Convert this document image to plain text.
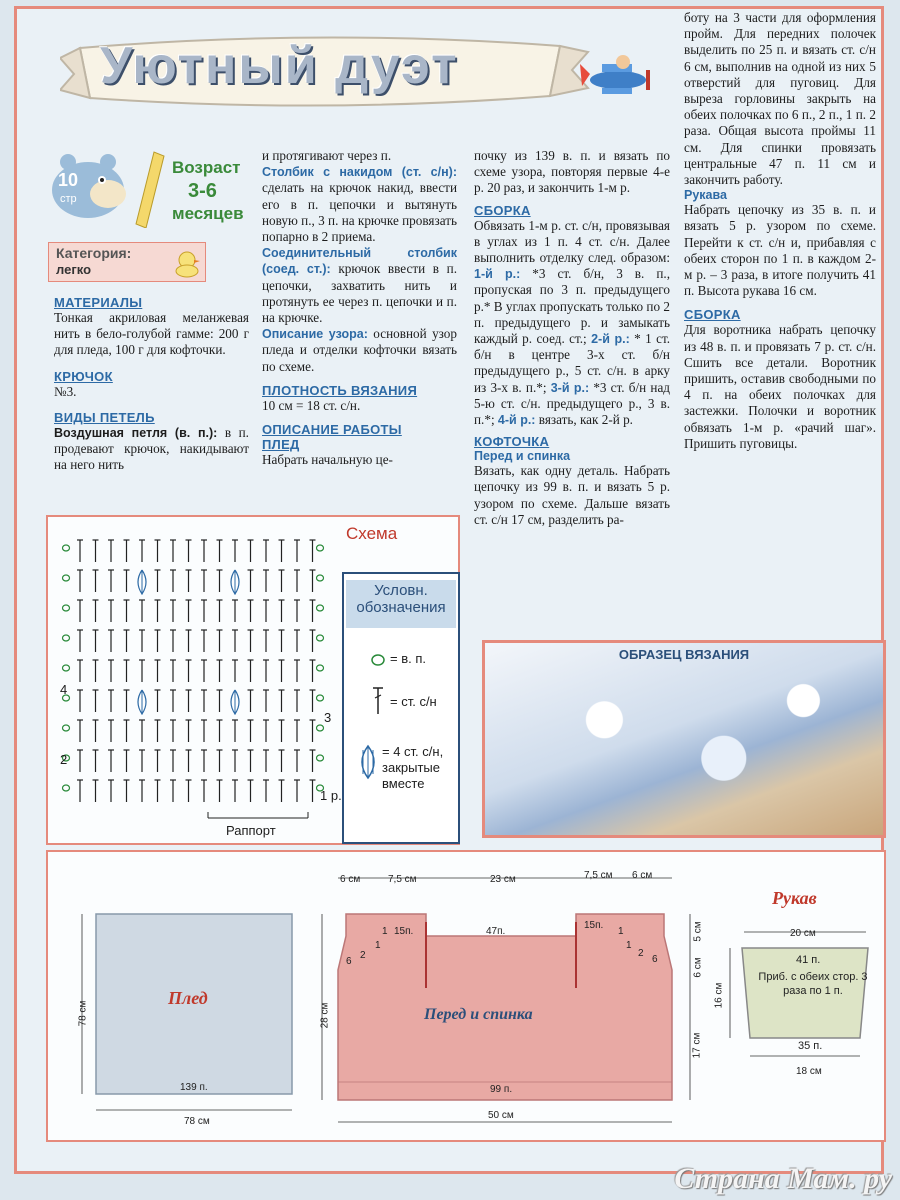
Уютный дуэт
10
стр
Возраст
3-6
месяцев
Категория:
легко
МАТЕРИАЛЫ
Тонкая акриловая меланжевая нить в бело-голубой гамме: 200 г для пледа, 100 г для кофточки.
КРЮЧОК
№3.
ВИДЫ ПЕТЕЛЬ
Воздушная петля (в. п.): в п. продевают крючок, накидывают на него нить
и протягивают через п.
Столбик с накидом (ст. с/н): сделать на крючок накид, ввести его в п. цепочки и вытянуть новую п., 3 п. на крючке провязать попарно в 2 приема.
Соединительный столбик (соед. ст.): крючок ввести в п. цепочки, захватить нить и протянуть ее через п. цепочки и п. на крючке.
Описание узора: основной узор пледа и отделки кофточки вязать по схеме.
ПЛОТНОСТЬ ВЯЗАНИЯ
10 см = 18 ст. с/н.
ОПИСАНИЕ РАБОТЫ
ПЛЕД
Набрать начальную це-
почку из 139 в. п. и вязать по схеме узора, повторяя первые 4-е р. 20 раз, и закончить 1-м р.
СБОРКА
Обвязать 1-м р. ст. с/н, провязывая в углах из 1 п. 4 ст. с/н. Далее выполнить отделку след. образом: 1-й р.: *3 ст. б/н, 3 в. п., пропуская по 3 п. предыдущего р.* В углах пропускать только по 2 п. предыдущего р. и замыкать каждый р. соед. ст.; 2-й р.: * 1 ст. б/н в центре 3-х ст. б/н предыдущего р., 5 ст. с/н. в арку из 3-х в. п.*; 3-й р.: *3 ст. б/н над 5-ю ст. с/н. предыдущего р., 3 в. п.*; 4-й р.: вязать, как 2-й р.
КОФТОЧКА
Перед и спинка
Вязать, как одну деталь. Набрать цепочку из 99 в. п. и вязать 5 р. узором по схеме. Дальше вязать ст. с/н 17 см, разделить ра-
боту на 3 части для оформления пройм. Для передних полочек выделить по 25 п. и вязать ст. с/н 6 см, выполнив на одной из них 5 отверстий для пуговиц. Для выреза горловины закрыть на обеих полочках по 6 п., 2 п., 1 п. 2 раза. Общая высота проймы 11 см. Для спинки провязать центральные 47 п. 11 см и закончить работу.
Рукава
Набрать цепочку из 35 в. п. и вязать 5 р. узором по схеме. Перейти к ст. с/н и, прибавляя с обеих сторон по 1 п. в каждом 2-м р. – 3 раза, в итоге получить 41 п. Высота рукава 16 см.
СБОРКА
Для воротника набрать цепочку из 48 в. п. и провязать 7 р. ст. с/н. Сшить все детали. Воротник пришить, оставив свободными по 4 п. на обеих полочках для застежки. Полочки и воротник обвязать 1-м р. «рачий шаг». Пришить пуговицы.
Схема
4
3
2
1 р.
Раппорт
Условн. обозначения
= в. п.
= ст. с/н
= 4 ст. с/н, закрытые вместе
ОБРАЗЕЦ ВЯЗАНИЯ
Плед
139 п.
78 см
78 см	Перед и спинка
6 см	7,5 см	23 см	7,5 см 6 см
15п.	47п.
15п.
1
1
2
6
1
1
2
6
99 п.
50 см
28 см
5 см
6 см
17 см
Рукав
20 см
41 п.
Приб. с обеих стор. 3 раза по 1 п.
35 п.
18 см
16 см
Страна Мам. ру
